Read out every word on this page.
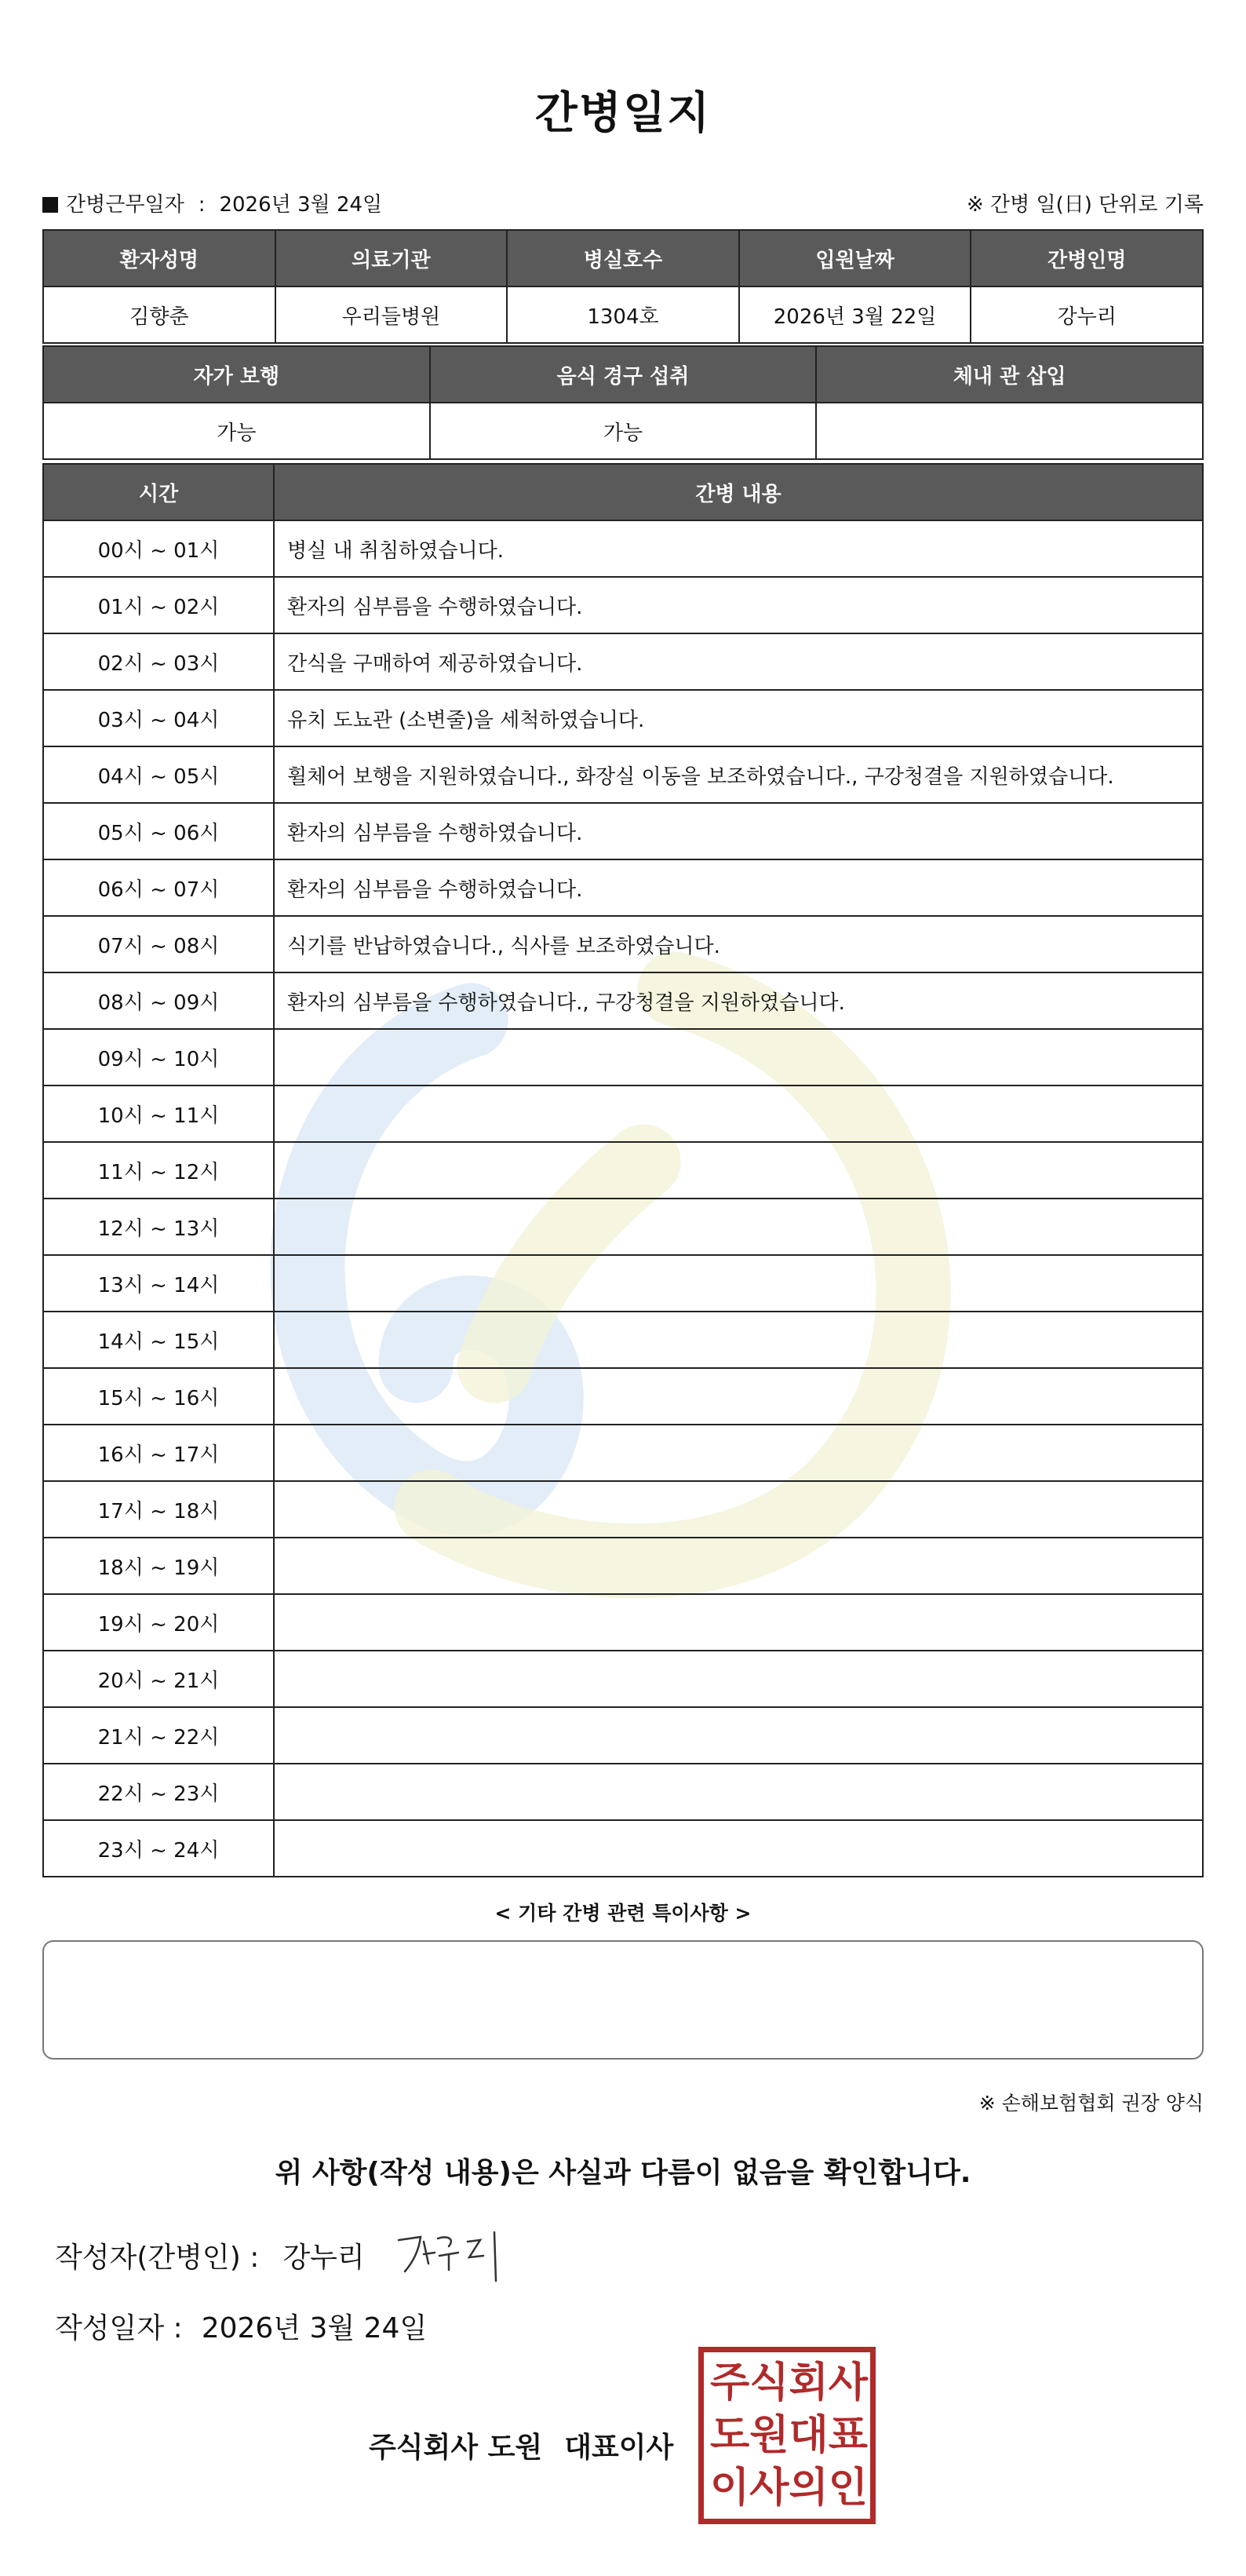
간병일지
간병근무일자 : 2026년 3월 24일	※ 간병 일(日) 단위로 기록
환자성명	의료기관	병실호수	입원날짜	간병인명
김향춘	우리들병원	1304호	2026년 3월 22일	강누리
자가 보행	음식 경구 섭취	체내 관 삽입
가능	가능	
시간	간병 내용
00시 ~ 01시	병실 내 취침하였습니다.
01시 ~ 02시	환자의 심부름을 수행하였습니다.
02시 ~ 03시	간식을 구매하여 제공하였습니다.
03시 ~ 04시	유치 도뇨관 (소변줄)을 세척하였습니다.
04시 ~ 05시	휠체어 보행을 지원하였습니다., 화장실 이동을 보조하였습니다., 구강청결을 지원하였습니다.
05시 ~ 06시	환자의 심부름을 수행하였습니다.
06시 ~ 07시	환자의 심부름을 수행하였습니다.
07시 ~ 08시	식기를 반납하였습니다., 식사를 보조하였습니다.
08시 ~ 09시	환자의 심부름을 수행하였습니다., 구강청결을 지원하였습니다.
09시 ~ 10시	
10시 ~ 11시	
11시 ~ 12시	
12시 ~ 13시	
13시 ~ 14시	
14시 ~ 15시	
15시 ~ 16시	
16시 ~ 17시	
17시 ~ 18시	
18시 ~ 19시	
19시 ~ 20시	
20시 ~ 21시	
21시 ~ 22시	
22시 ~ 23시	
23시 ~ 24시	
< 기타 간병 관련 특이사항 >
※ 손해보험협회 권장 양식
위 사항(작성 내용)은 사실과 다름이 없음을 확인합니다.
작성자(간병인) : 강누리
작성일자 : 2026년 3월 24일
주식회사 도원 대표이사
주 식 회 사
도 원 대 표
이 사 의 인
